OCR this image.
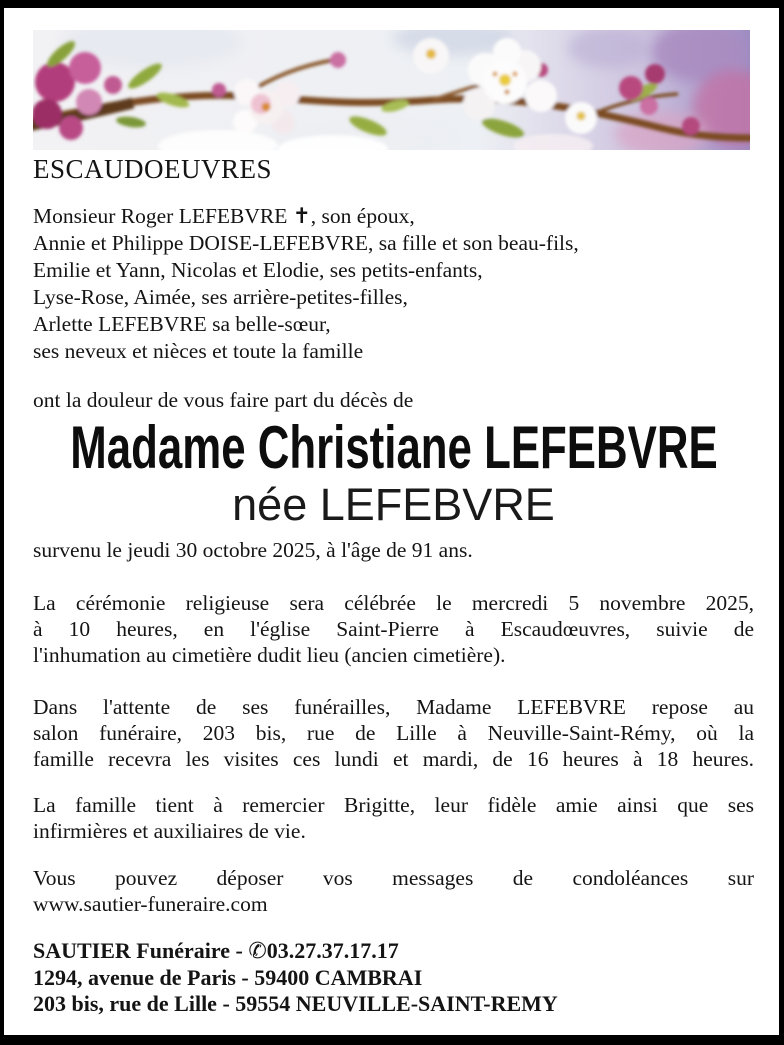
ESCAUDOEUVRES
Monsieur Roger LEFEBVRE ✝, son époux,
Annie et Philippe DOISE-LEFEBVRE, sa fille et son beau-fils,
Emilie et Yann, Nicolas et Elodie, ses petits-enfants,
Lyse-Rose, Aimée, ses arrière-petites-filles,
Arlette LEFEBVRE sa belle-sœur,
ses neveux et nièces et toute la famille
ont la douleur de vous faire part du décès de
Madame Christiane LEFEBVRE
née LEFEBVRE
survenu le jeudi 30 octobre 2025, à l'âge de 91 ans.
La cérémonie religieuse sera célébrée le mercredi 5 novembre 2025,
à 10 heures, en l'église Saint-Pierre à Escaudœuvres, suivie de
l'inhumation au cimetière dudit lieu (ancien cimetière).
Dans l'attente de ses funérailles, Madame LEFEBVRE repose au
salon funéraire, 203 bis, rue de Lille à Neuville-Saint-Rémy, où la
famille recevra les visites ces lundi et mardi, de 16 heures à 18 heures.
La famille tient à remercier Brigitte, leur fidèle amie ainsi que ses
infirmières et auxiliaires de vie.
Vous pouvez déposer vos messages de condoléances sur
www.sautier-funeraire.com
SAUTIER Funéraire - ✆03.27.37.17.17
1294, avenue de Paris - 59400 CAMBRAI
203 bis, rue de Lille - 59554 NEUVILLE-SAINT-REMY
